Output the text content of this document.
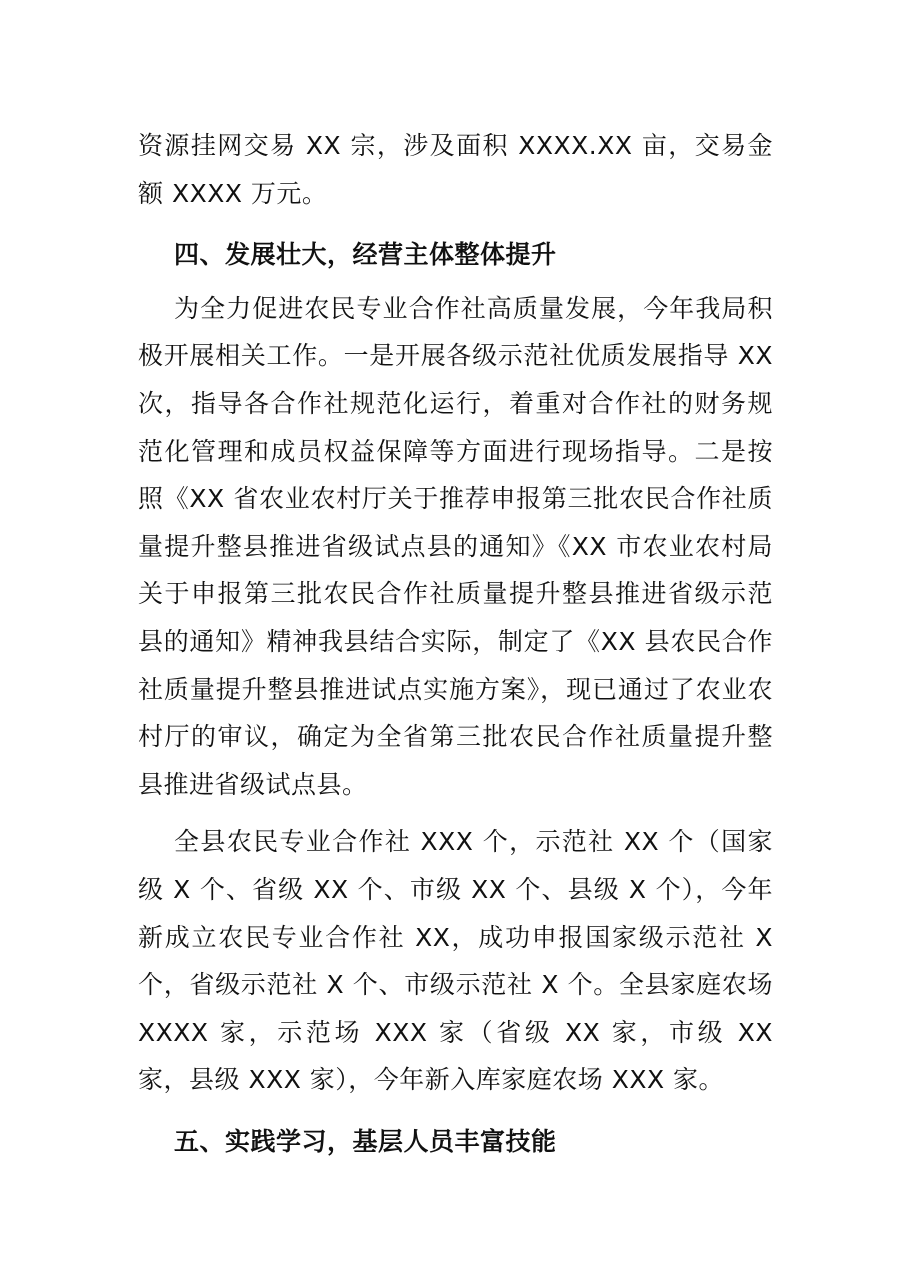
资源挂网交易 XX 宗，涉及面积 XXXX.XX 亩，交易金额 XXXX 万元。

四、发展壮大，经营主体整体提升

为全力促进农民专业合作社高质量发展，今年我局积极开展相关工作。一是开展各级示范社优质发展指导 XX 次，指导各合作社规范化运行，着重对合作社的财务规范化管理和成员权益保障等方面进行现场指导。二是按照《XX 省农业农村厅关于推荐申报第三批农民合作社质量提升整县推进省级试点县的通知》《XX 市农业农村局关于申报第三批农民合作社质量提升整县推进省级示范县的通知》精神我县结合实际，制定了《XX 县农民合作社质量提升整县推进试点实施方案》，现已通过了农业农村厅的审议，确定为全省第三批农民合作社质量提升整县推进省级试点县。

全县农民专业合作社 XXX 个，示范社 XX 个（国家级 X 个、省级 XX 个、市级 XX 个、县级 X 个），今年新成立农民专业合作社 XX，成功申报国家级示范社 X 个，省级示范社 X 个、市级示范社 X 个。全县家庭农场 XXXX 家，示范场 XXX 家（省级 XX 家，市级 XX 家，县级 XXX 家），今年新入库家庭农场 XXX 家。

五、实践学习，基层人员丰富技能
